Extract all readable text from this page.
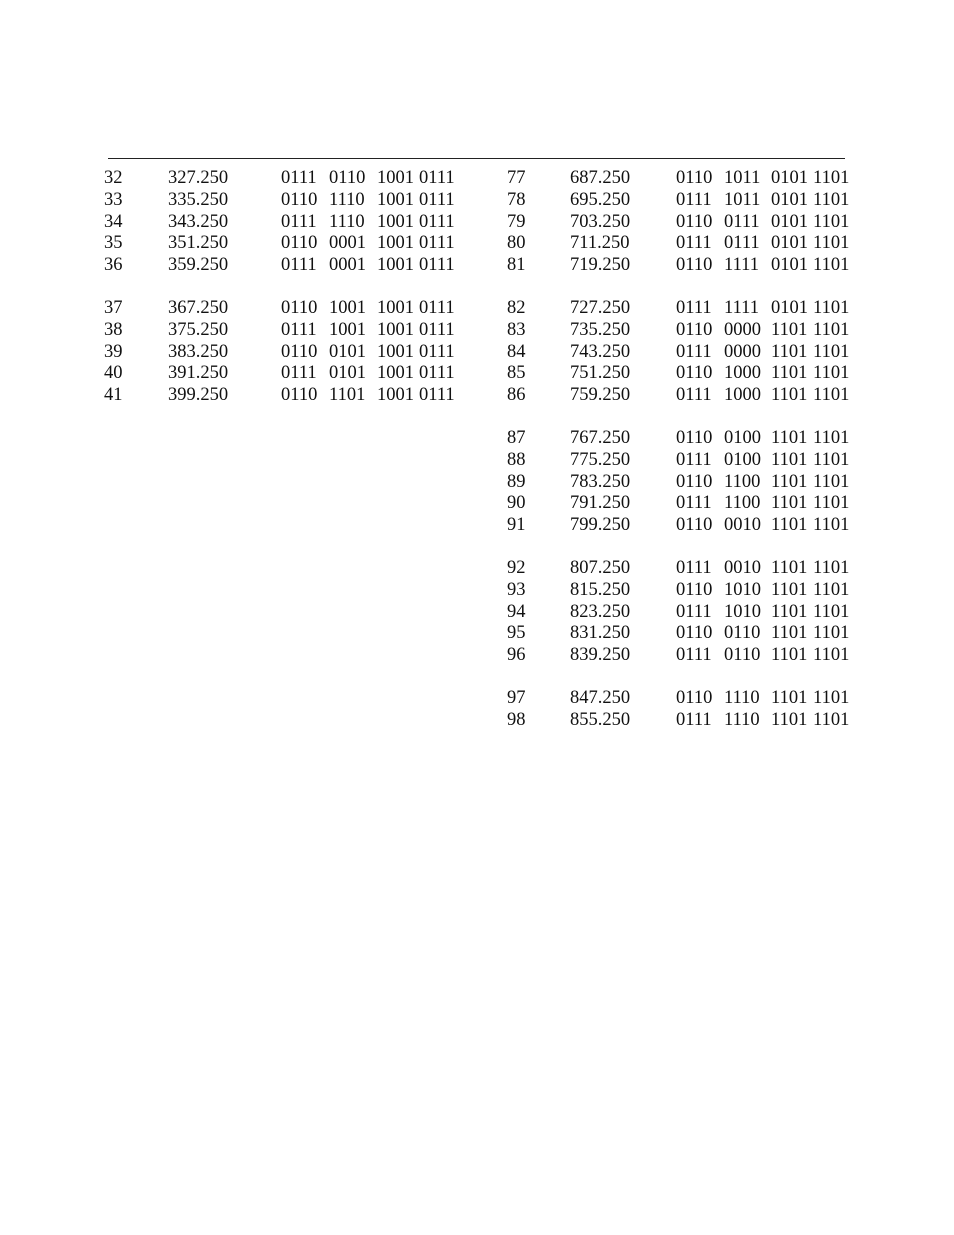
32 327.250	0111 0110 1001 0111
33 335.250	0110 1110 1001 0111
34 343.250	0111 1110 1001 0111
35 351.250	0110 0001 1001 0111
36 359.250	0111 0001 1001 0111
37 367.250	0110 1001 1001 0111
38 375.250	0111 1001 1001 0111
39 383.250	0110 0101 1001 0111
40 391.250	0111 0101 1001 0111
41 399.250	0110 1101 1001 0111
77 687.250 0110 1011 0101 1101
78 695.250 0111 1011 0101 1101
79 703.250 0110 0111 0101 1101
80 711.250	0111 0111 0101 1101
81 719.250 0110 1111 0101 1101
82 727.250 0111 1111 0101 1101
83 735.250 0110 0000 1101 1101
84 743.250 0111 0000 1101 1101
85 751.250 0110 1000 1101 1101
86 759.250 0111 1000 1101 1101
87 767.250 0110 0100 1101 1101
88 775.250 0111 0100 1101 1101
89 783.250 0110 1100 1101 1101
90 791.250 0111 1100 1101 1101
91 799.250 0110 0010 1101 1101
92 807.250 0111 0010 1101 1101
93 815.250 0110 1010 1101 1101
94 823.250 0111 1010 1101 1101
95 831.250 0110 0110 1101 1101
96 839.250 0111 0110 1101 1101
97 847.250 0110 1110 1101 1101
98 855.250 0111 1110 1101 1101
